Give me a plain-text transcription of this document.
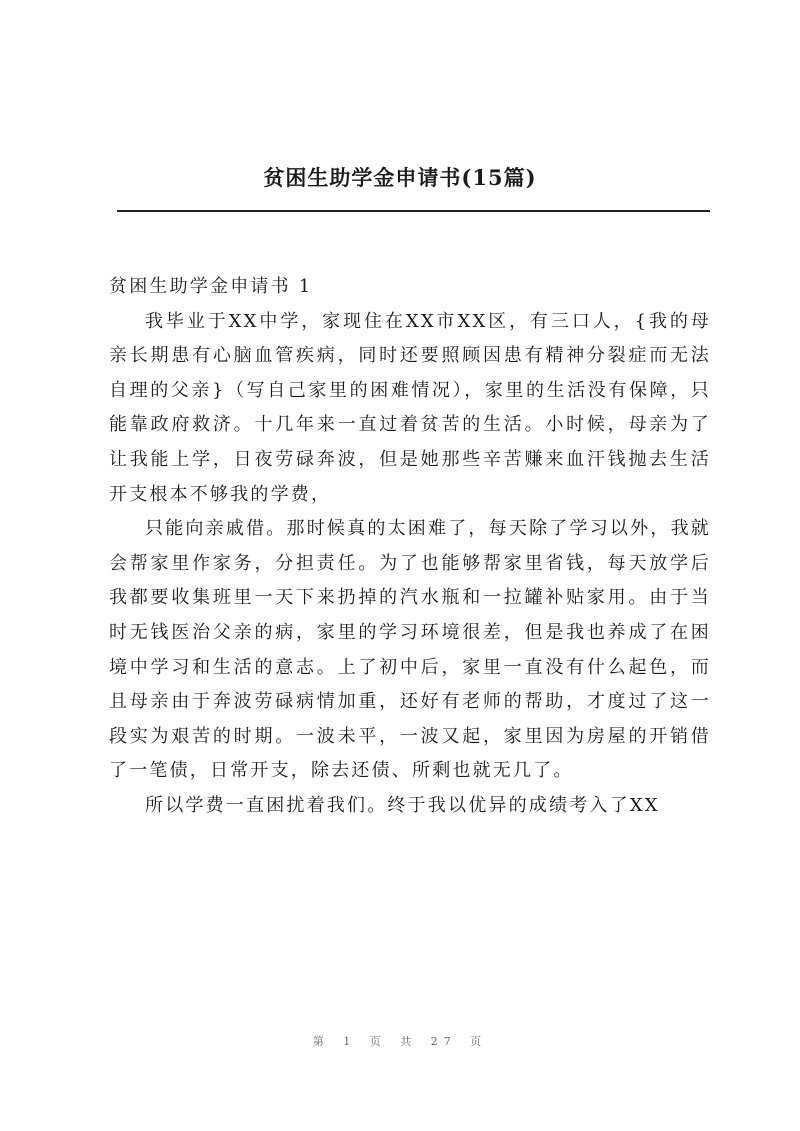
贫困生助学金申请书(15篇)
贫困生助学金申请书 1

我毕业于XX中学，家现住在XX市XX区，有三口人，{我的母亲长期患有心脑血管疾病，同时还要照顾因患有精神分裂症而无法自理的父亲}（写自己家里的困难情况），家里的生活没有保障，只能靠政府救济。十几年来一直过着贫苦的生活。小时候，母亲为了让我能上学，日夜劳碌奔波，但是她那些辛苦赚来血汗钱抛去生活开支根本不够我的学费，

只能向亲戚借。那时候真的太困难了，每天除了学习以外，我就会帮家里作家务，分担责任。为了也能够帮家里省钱，每天放学后我都要收集班里一天下来扔掉的汽水瓶和一拉罐补贴家用。由于当时无钱医治父亲的病，家里的学习环境很差，但是我也养成了在困境中学习和生活的意志。上了初中后，家里一直没有什么起色，而且母亲由于奔波劳碌病情加重，还好有老师的帮助，才度过了这一段实为艰苦的时期。一波未平，一波又起，家里因为房屋的开销借了一笔债，日常开支，除去还债、所剩也就无几了。

所以学费一直困扰着我们。终于我以优异的成绩考入了XX

第 1 页 共 27 页
